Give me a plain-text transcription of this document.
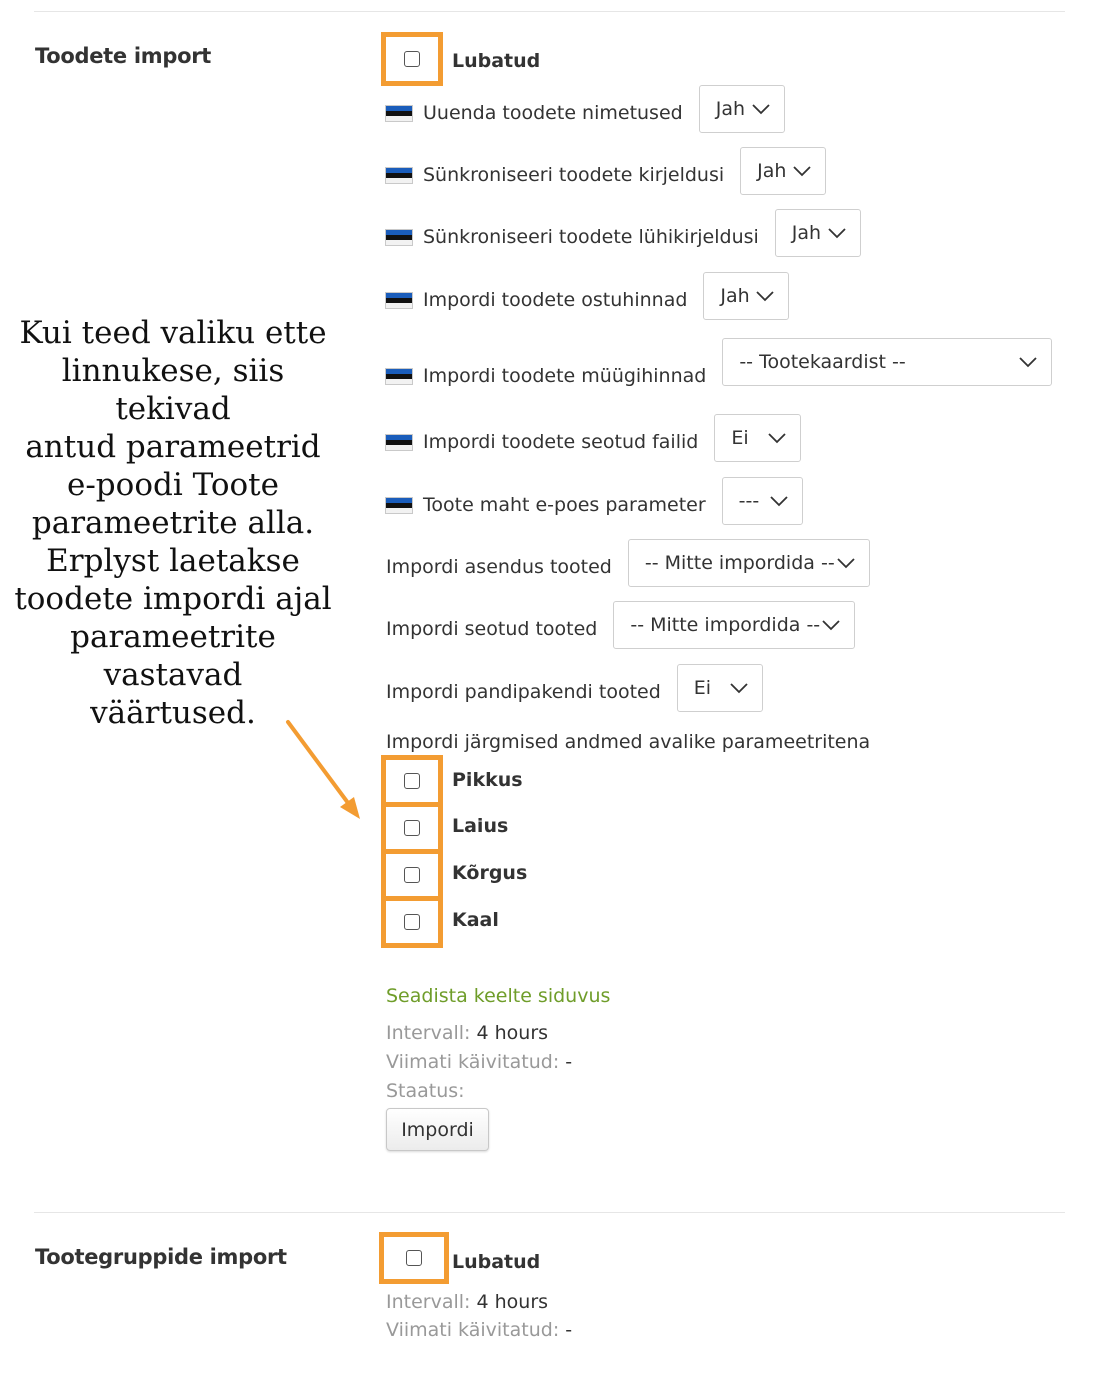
Toodete import	Lubatud
Uuenda toodete nimetused Jah
Sünkroniseeri toodete kirjeldusi Jah
Sünkroniseeri toodete lühikirjeldusi Jah
Impordi toodete ostuhinnad Jah
Impordi toodete müügihinnad
-- Tootekaardist --
Impordi toodete seotud failid Ei
Toote maht e-poes parameter ---
Impordi asendus tooted -- Mitte impordida --
Impordi seotud tooted -- Mitte impordida --
Impordi pandipakendi tooted Ei
Impordi järgmised andmed avalike parameetritena
Pikkus
Laius
Kõrgus
Kaal
Seadista keelte siduvus
Intervall: 4 hours
Viimati käivitatud: -
Staatus:
Impordi
Tootegruppide import	Lubatud
Intervall: 4 hours
Viimati käivitatud: -
Kui teed valiku ette
linnukese, siis tekivad
antud parameetrid
e-poodi Toote
parameetrite alla.
Erplyst laetakse
toodete impordi ajal
parameetrite vastavad
väärtused.
